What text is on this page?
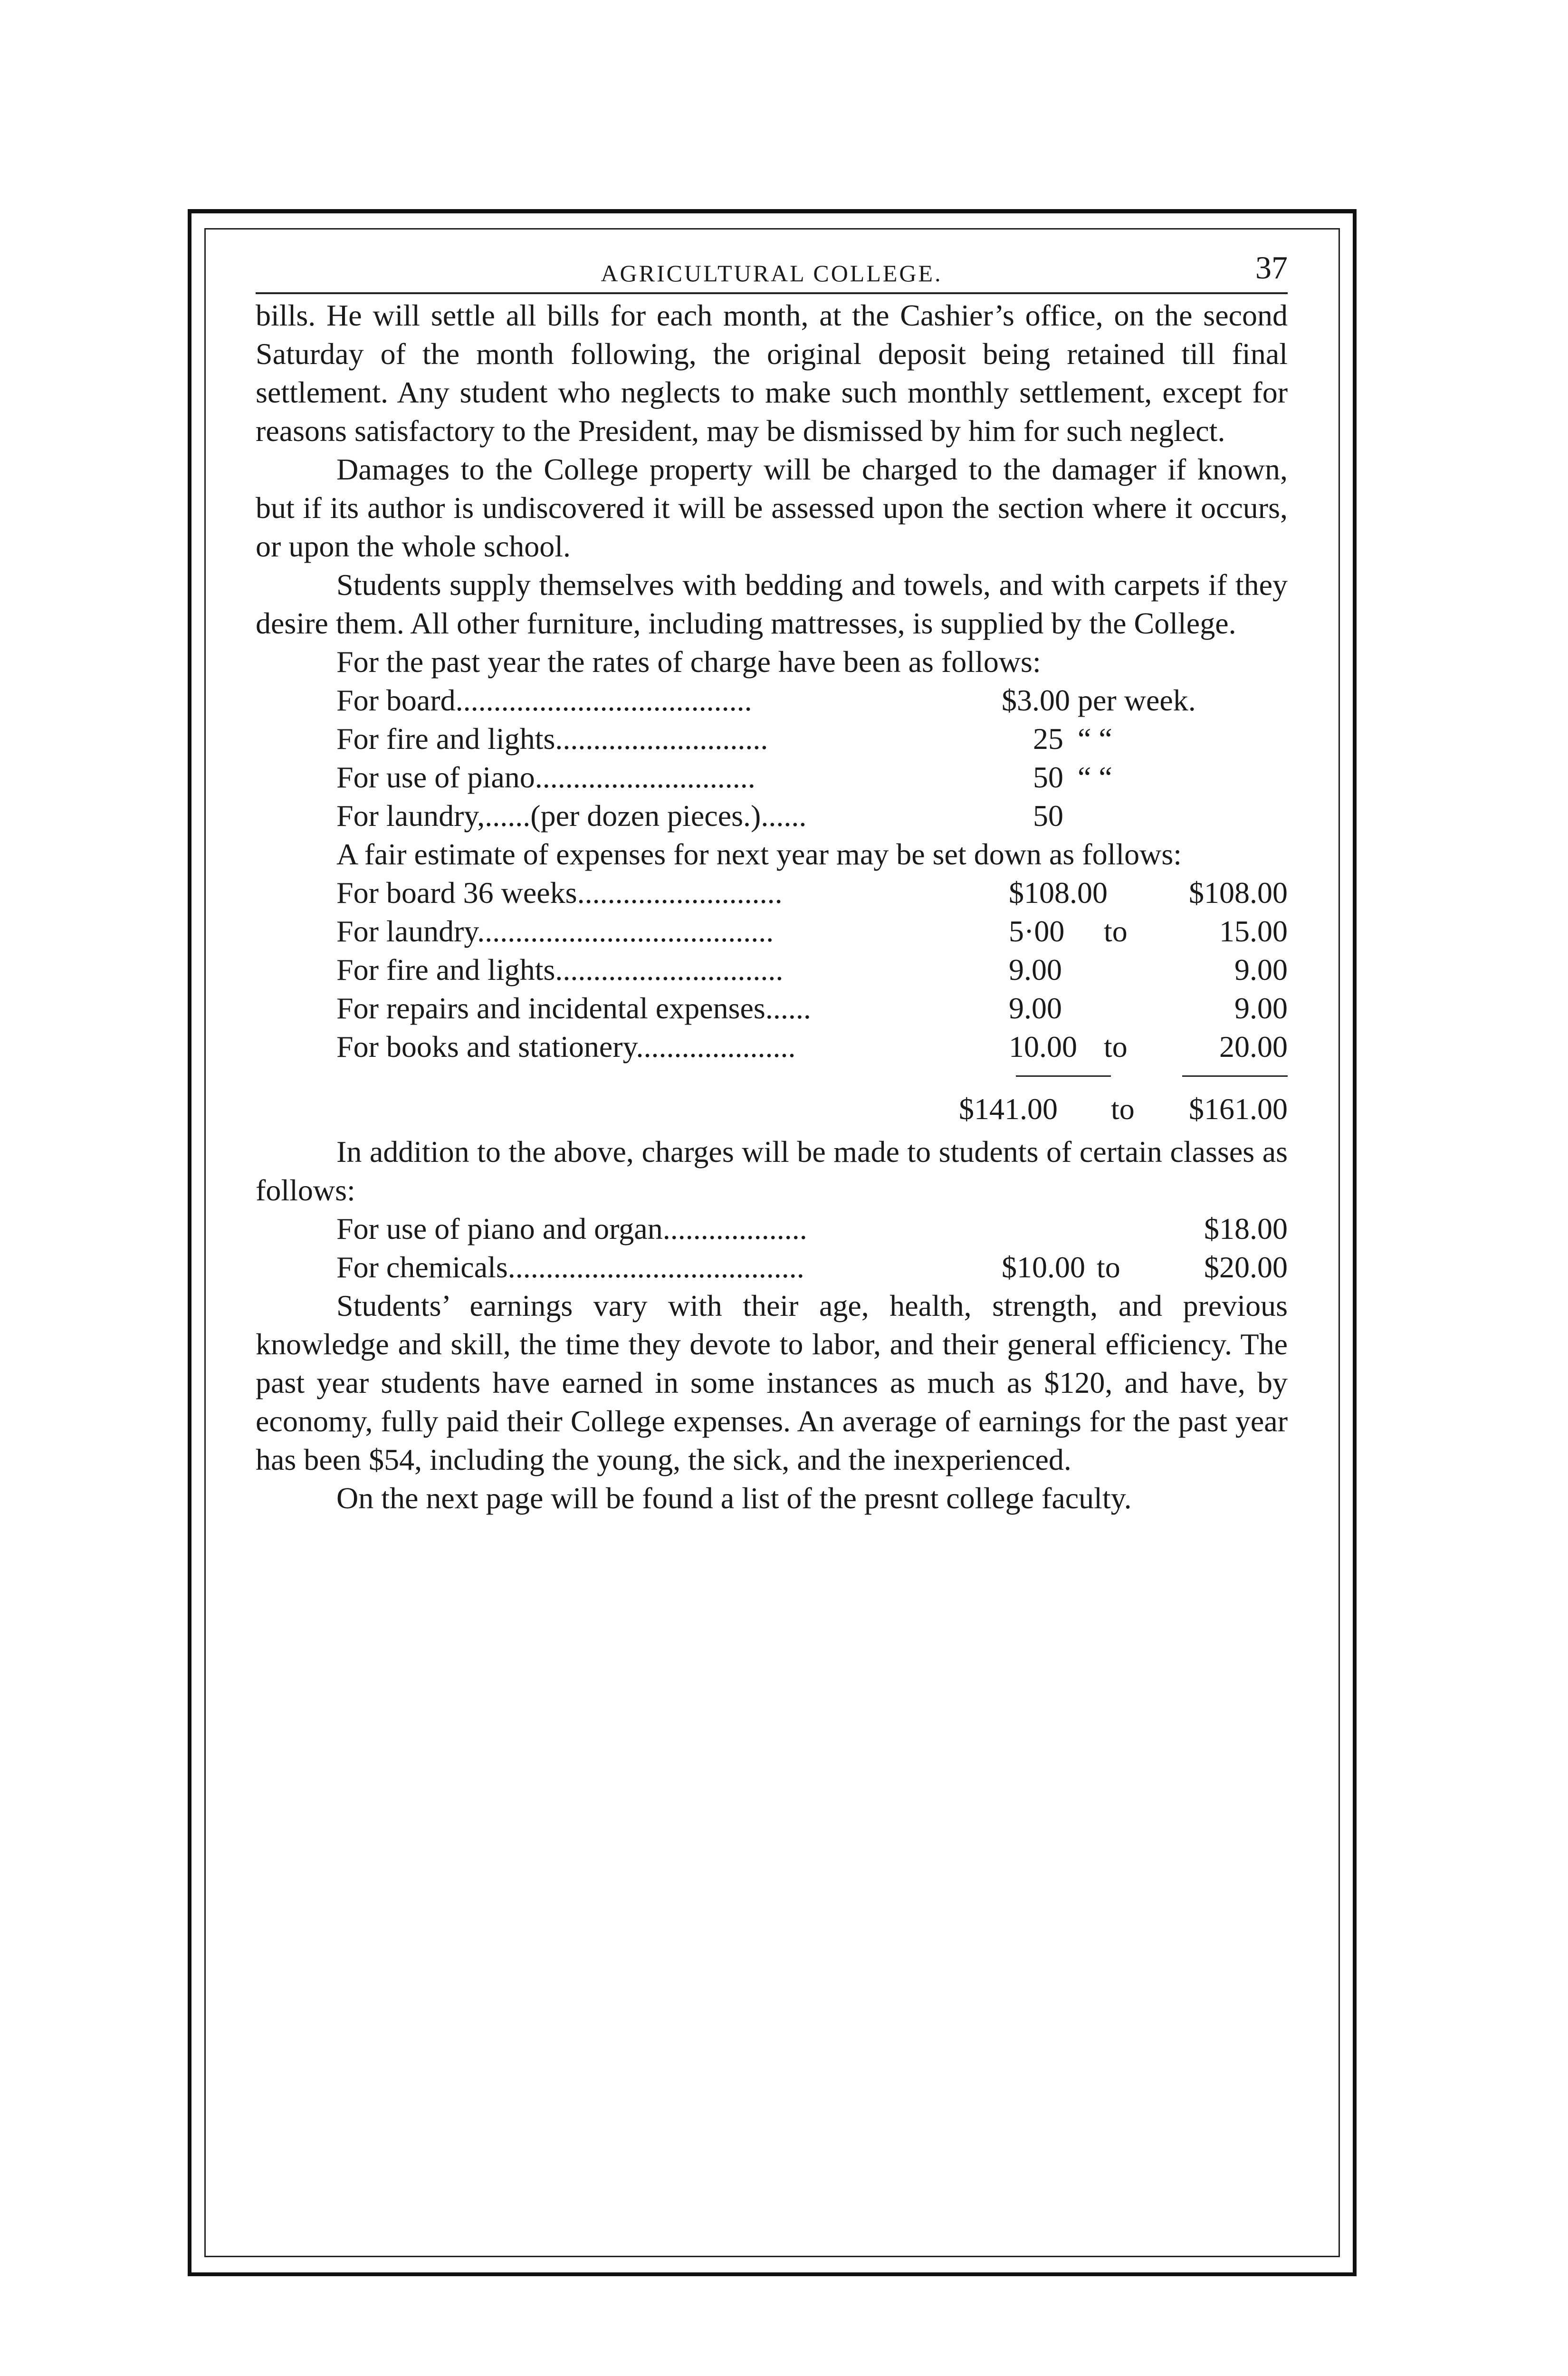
AGRICULTURAL COLLEGE.	37

bills. He will settle all bills for each month, at the Cashier’s office, on the second Saturday of the month following, the original deposit being retained till final settlement. Any student who neglects to make such monthly settlement, except for reasons satisfactory to the President, may be dismissed by him for such neglect.

Damages to the College property will be charged to the damager if known, but if its author is undiscovered it will be assessed upon the section where it occurs, or upon the whole school.

Students supply themselves with bedding and towels, and with carpets if they desire them. All other furniture, including mattresses, is supplied by the College.

For the past year the rates of charge have been as follows:

For board.......................................	$3.00 per week.
For fire and lights............................	25 “ “
For use of piano.............................	50 “ “
For laundry,......(per dozen pieces.)......	50

A fair estimate of expenses for next year may be set down as follows:

For board 36 weeks...........................	$108.00	$108.00
For laundry.......................................	5·00	to	15.00
For fire and lights..............................	9.00	9.00
For repairs and incidental expenses......	9.00	9.00
For books and stationery.....................	10.00 to	20.00
$141.00	to	$161.00

In addition to the above, charges will be made to students of certain classes as follows:

For use of piano and organ...................	$18.00
For chemicals.......................................	$10.00 to	$20.00

Students’ earnings vary with their age, health, strength, and previous knowledge and skill, the time they devote to labor, and their general efficiency. The past year students have earned in some instances as much as $120, and have, by economy, fully paid their College expenses. An average of earnings for the past year has been $54, including the young, the sick, and the inexperienced.

On the next page will be found a list of the presnt college faculty.
